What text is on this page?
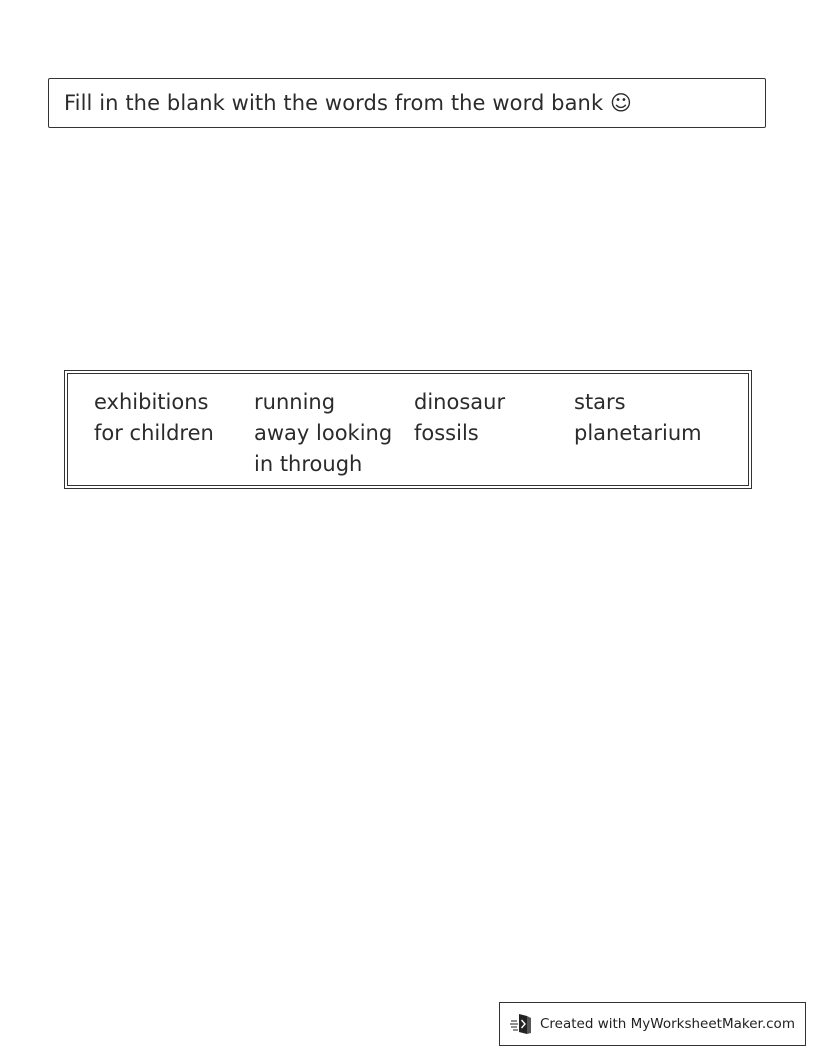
Fill in the blank with the words from the word bank ☺
exhibitions
for children
running
away looking
in through
dinosaur
fossils
stars
planetarium
Created with MyWorksheetMaker.com
